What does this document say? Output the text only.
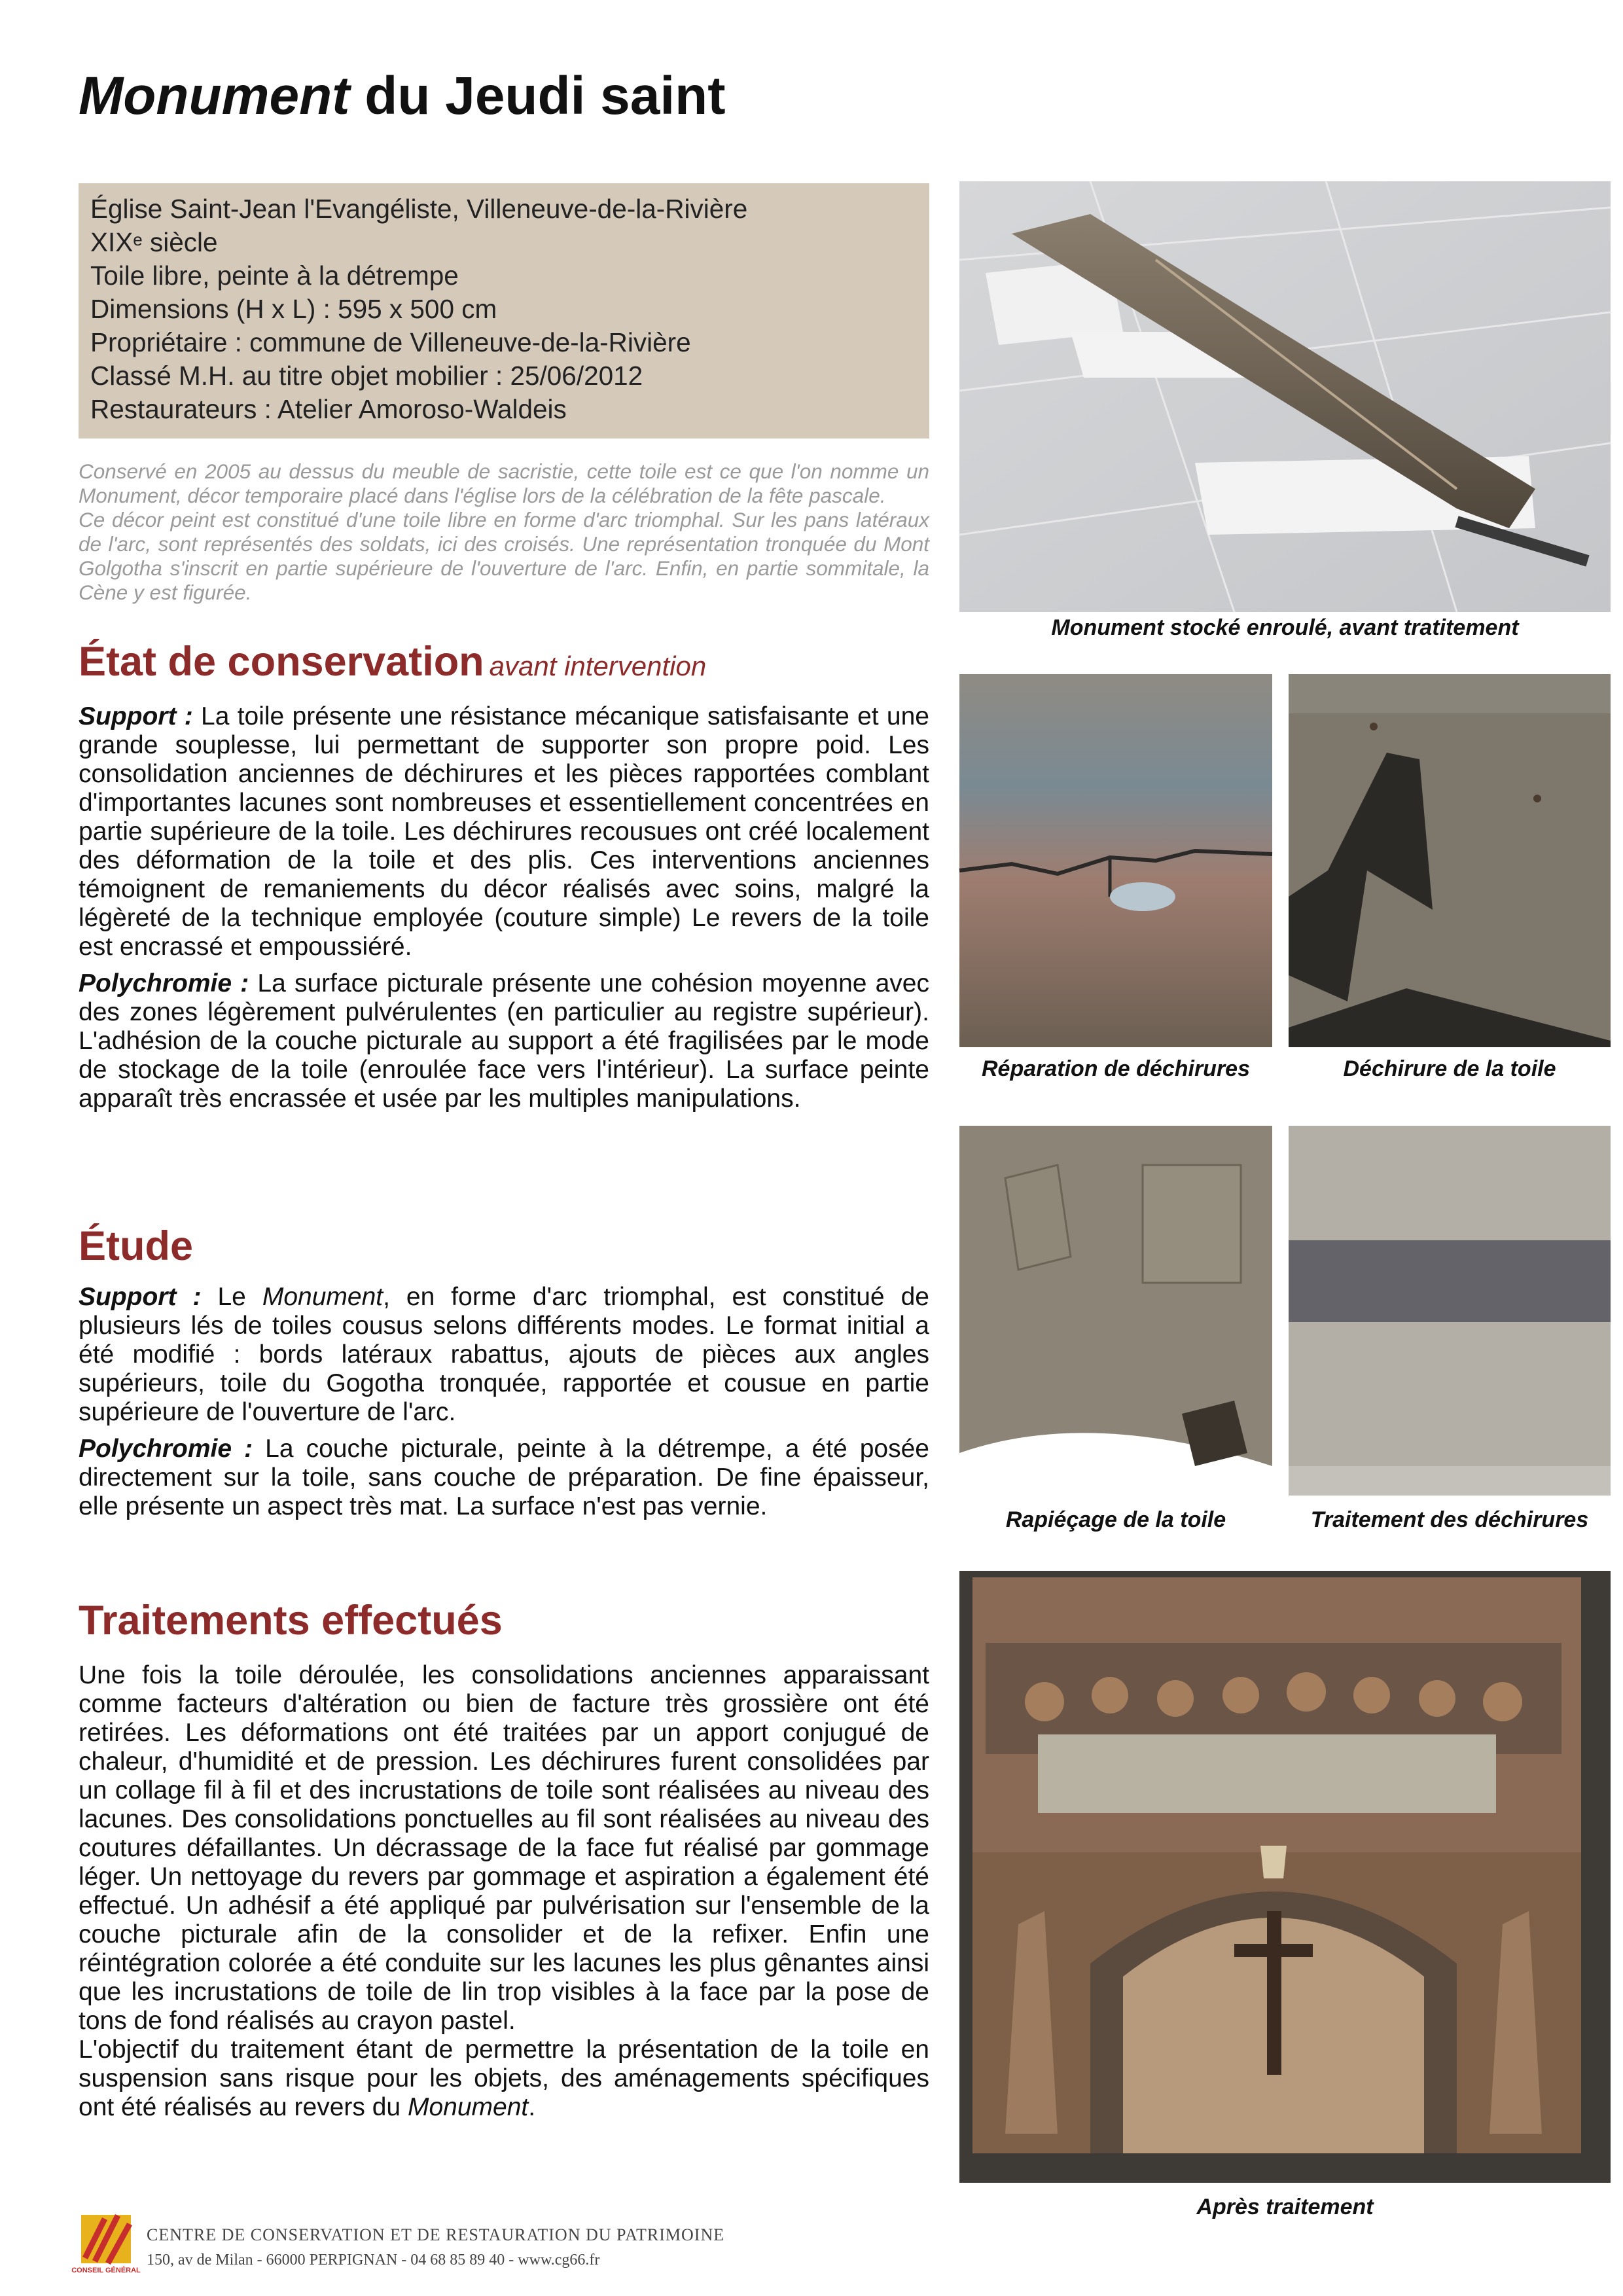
Monument du Jeudi saint
Église Saint-Jean l'Evangéliste, Villeneuve-de-la-Rivière
XIXe siècle
Toile libre, peinte à la détrempe
Dimensions (H x L) : 595 x 500 cm
Propriétaire : commune de Villeneuve-de-la-Rivière
Classé M.H. au titre objet mobilier : 25/06/2012
Restaurateurs : Atelier Amoroso-Waldeis

Conservé en 2005 au dessus du meuble de sacristie, cette toile est ce que l'on nomme un Monument, décor temporaire placé dans l'église lors de la célébration de la fête pascale.

Ce décor peint est constitué d'une toile libre en forme d'arc triomphal. Sur les pans latéraux de l'arc, sont représentés des soldats, ici des croisés. Une représentation tronquée du Mont Golgotha s'inscrit en partie supérieure de l'ouverture de l'arc. Enfin, en partie sommitale, la Cène y est figurée.

État de conservation avant intervention

Support : La toile présente une résistance mécanique satisfaisante et une grande souplesse, lui permettant de supporter son propre poid. Les consolidation anciennes de déchirures et les pièces rapportées comblant d'importantes lacunes sont nombreuses et essentiellement concentrées en partie supérieure de la toile. Les déchirures recousues ont créé localement des déformation de la toile et des plis. Ces interventions anciennes témoignent de remaniements du décor réalisés avec soins, malgré la légèreté de la technique employée (couture simple) Le revers de la toile est encrassé et empoussiéré.

Polychromie : La surface picturale présente une cohésion moyenne avec des zones légèrement pulvérulentes (en particulier au registre supérieur). L'adhésion de la couche picturale au support a été fragilisées par le mode de stockage de la toile (enroulée face vers l'intérieur). La surface peinte apparaît très encrassée et usée par les multiples manipulations.

Étude

Support : Le Monument, en forme d'arc triomphal, est constitué de plusieurs lés de toiles cousus selons différents modes. Le format initial a été modifié : bords latéraux rabattus, ajouts de pièces aux angles supérieurs, toile du Gogotha tronquée, rapportée et cousue en partie supérieure de l'ouverture de l'arc.

Polychromie : La couche picturale, peinte à la détrempe, a été posée directement sur la toile, sans couche de préparation. De fine épaisseur, elle présente un aspect très mat. La surface n'est pas vernie.

Traitements effectués

Une fois la toile déroulée, les consolidations anciennes apparaissant comme facteurs d'altération ou bien de facture très grossière ont été retirées. Les déformations ont été traitées par un apport conjugué de chaleur, d'humidité et de pression. Les déchirures furent consolidées par un collage fil à fil et des incrustations de toile sont réalisées au niveau des lacunes. Des consolidations ponctuelles au fil sont réalisées au niveau des coutures défaillantes. Un décrassage de la face fut réalisé par gommage léger. Un nettoyage du revers par gommage et aspiration a également été effectué. Un adhésif a été appliqué par pulvérisation sur l'ensemble de la couche picturale afin de la consolider et de la refixer. Enfin une réintégration colorée a été conduite sur les lacunes les plus gênantes ainsi que les incrustations de toile de lin trop visibles à la face par la pose de tons de fond réalisés au crayon pastel.

L'objectif du traitement étant de permettre la présentation de la toile en suspension sans risque pour les objets, des aménagements spécifiques ont été réalisés au revers du Monument.

Monument stocké enroulé, avant tratitement
Réparation de déchirures	Déchirure de la toile
Rapiéçage de la toile	Traitement des déchirures
Après traitement
CONSEIL GÉNÉRAL
CENTRE DE CONSERVATION ET DE RESTAURATION DU PATRIMOINE
150, av de Milan - 66000 PERPIGNAN - 04 68 85 89 40 - www.cg66.fr
